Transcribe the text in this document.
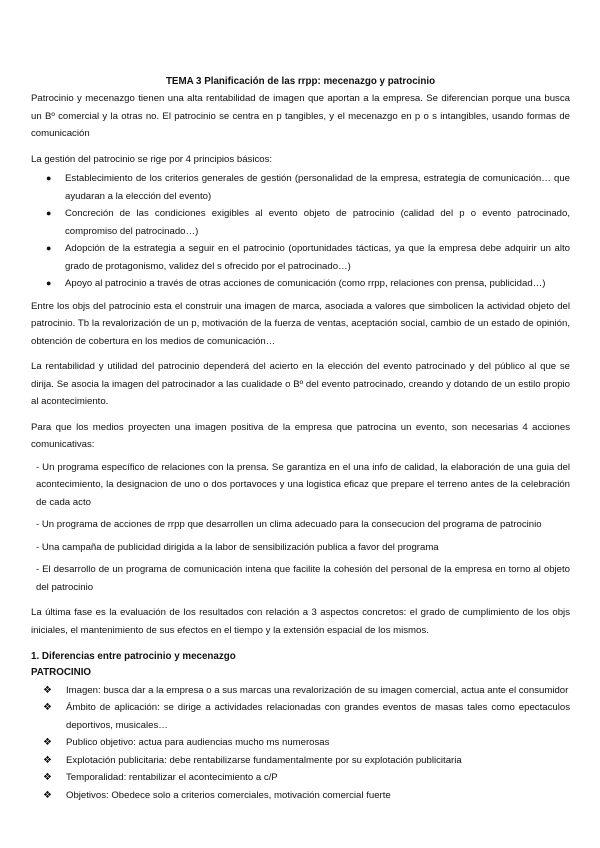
TEMA 3 Planificación de las rrpp: mecenazgo y patrocinio

Patrocinio y mecenazgo tienen una alta rentabilidad de imagen que aportan a la empresa. Se diferencian porque una busca un Bº comercial y la otras no. El patrocinio se centra en p tangibles, y el mecenazgo en p o s intangibles, usando formas de comunicación

La gestión del patrocinio se rige por 4 principios básicos:

● Establecimiento de los criterios generales de gestión (personalidad de la empresa, estrategia de comunicación… que ayudaran a la elección del evento)
● Concreción de las condiciones exigibles al evento objeto de patrocinio (calidad del p o evento patrocinado, compromiso del patrocinado…)
● Adopción de la estrategia a seguir en el patrocinio (oportunidades tácticas, ya que la empresa debe adquirir un alto grado de protagonismo, validez del s ofrecido por el patrocinado…)
● Apoyo al patrocinio a través de otras acciones de comunicación (como rrpp, relaciones con prensa, publicidad…)

Entre los objs del patrocinio esta el construir una imagen de marca, asociada a valores que simbolicen la actividad objeto del patrocinio. Tb la revalorización de un p, motivación de la fuerza de ventas, aceptación social, cambio de un estado de opinión, obtención de cobertura en los medios de comunicación…

La rentabilidad y utilidad del patrocinio dependerá del acierto en la elección del evento patrocinado y del público al que se dirija. Se asocia la imagen del patrocinador a las cualidade o Bº del evento patrocinado, creando y dotando de un estilo propio al acontecimiento.

Para que los medios proyecten una imagen positiva de la empresa que patrocina un evento, son necesarias 4 acciones comunicativas:

- Un programa específico de relaciones con la prensa. Se garantiza en el una info de calidad, la elaboración de una guia del acontecimiento, la designacion de uno o dos portavoces y una logistica eficaz que prepare el terreno antes de la celebración de cada acto
- Un programa de acciones de rrpp que desarrollen un clima adecuado para la consecucion del programa de patrocinio
- Una campaña de publicidad dirigida a la labor de sensibilización publica a favor del programa
- El desarrollo de un programa de comunicación intena que facilite la cohesión del personal de la empresa en torno al objeto del patrocinio

La última fase es la evaluación de los resultados con relación a 3 aspectos concretos: el grado de cumplimiento de los objs iniciales, el mantenimiento de sus efectos en el tiempo y la extensión espacial de los mismos.

1. Diferencias entre patrocinio y mecenazgo
PATROCINIO
❖ Imagen: busca dar a la empresa o a sus marcas una revalorización de su imagen comercial, actua ante el consumidor
❖ Ámbito de aplicación: se dirige a actividades relacionadas con grandes eventos de masas tales como epectaculos deportivos, musicales…
❖ Publico objetivo: actua para audiencias mucho ms numerosas
❖ Explotación publicitaria: debe rentabilizarse fundamentalmente por su explotación publicitaria
❖ Temporalidad: rentabilizar el acontecimiento a c/P
❖ Objetivos: Obedece solo a criterios comerciales, motivación comercial fuerte
